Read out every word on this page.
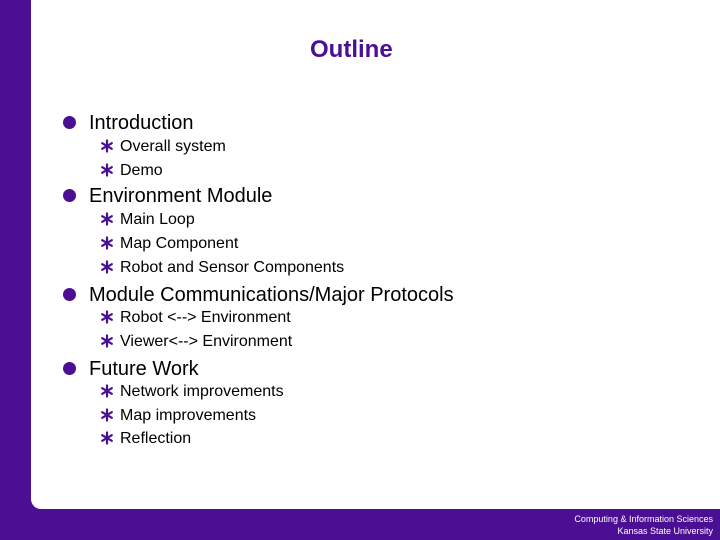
Outline
Introduction
Overall system
Demo
Environment Module
Main Loop
Map Component
Robot and Sensor Components
Module Communications/Major Protocols
Robot <--> Environment
Viewer<--> Environment
Future Work
Network improvements
Map improvements
Reflection
Computing & Information Sciences
Kansas State University
